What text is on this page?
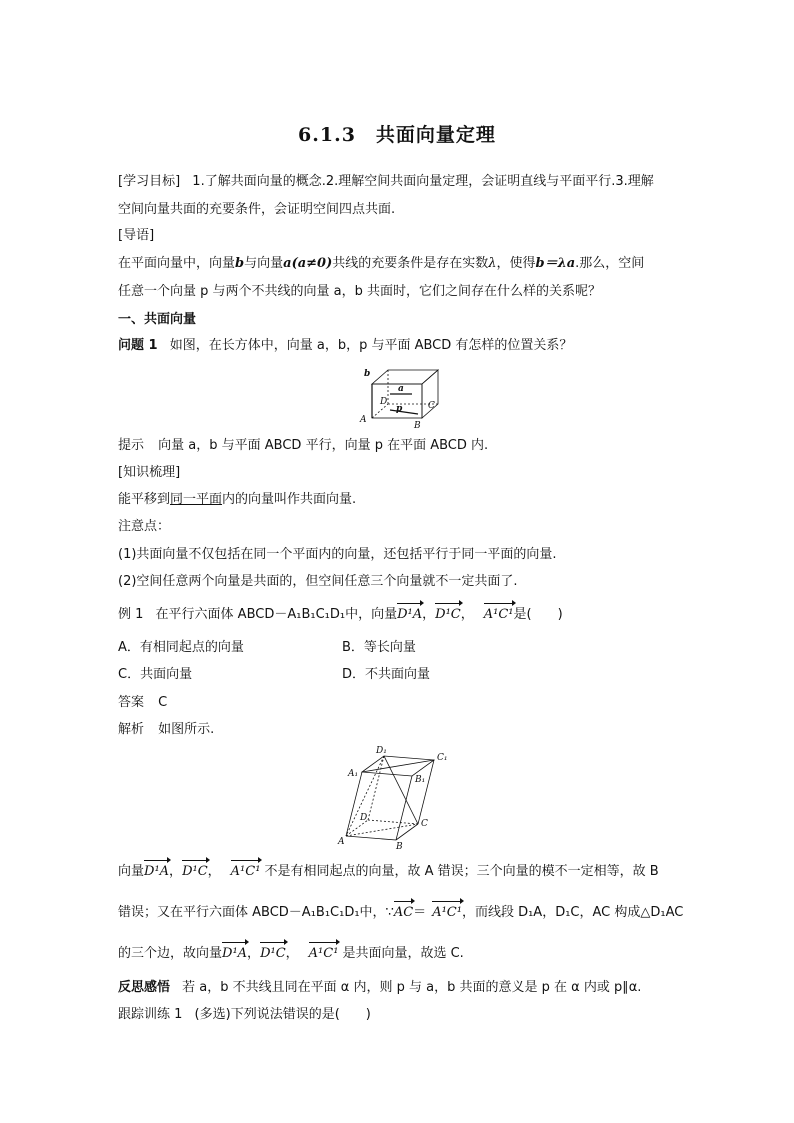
6.1.3　共面向量定理
[学习目标] 1.了解共面向量的概念.2.理解空间共面向量定理，会证明直线与平面平行.3.理解
空间向量共面的充要条件，会证明空间四点共面.
[导语]
在平面向量中，向量b与向量a(a≠0)共线的充要条件是存在实数λ，使得b＝λa.那么，空间
任意一个向量 p 与两个不共线的向量 a，b 共面时，它们之间存在什么样的关系呢？
一、共面向量
问题 1 如图，在长方体中，向量 a，b，p 与平面 ABCD 有怎样的位置关系？
b
a
D
p	C
A
B
提示 向量 a，b 与平面 ABCD 平行，向量 p 在平面 ABCD 内.
[知识梳理]
能平移到同一平面内的向量叫作共面向量.
注意点：
(1)共面向量不仅包括在同一个平面内的向量，还包括平行于同一平面的向量.
(2)空间任意两个向量是共面的，但空间任意三个向量就不一定共面了.
例 1 在平行六面体 ABCD－A₁B₁C₁D₁中，向量D¹A，D¹C， A¹C¹是(　　)
A．有相同起点的向量	B．等长向量
C．共面向量	D．不共面向量
答案 C
解析 如图所示.
D₁
C₁
A₁
B₁
D
C
A	B
向量D¹A，D¹C， A¹C¹ 不是有相同起点的向量，故 A 错误；三个向量的模不一定相等，故 B
错误；又在平行六面体 ABCD－A₁B₁C₁D₁中，∵AC＝ A¹C¹，而线段 D₁A，D₁C，AC 构成△D₁AC
的三个边，故向量D¹A，D¹C， A¹C¹ 是共面向量，故选 C.
反思感悟 若 a，b 不共线且同在平面 α 内，则 p 与 a，b 共面的意义是 p 在 α 内或 p∥α.
跟踪训练 1 (多选)下列说法错误的是(　　)
